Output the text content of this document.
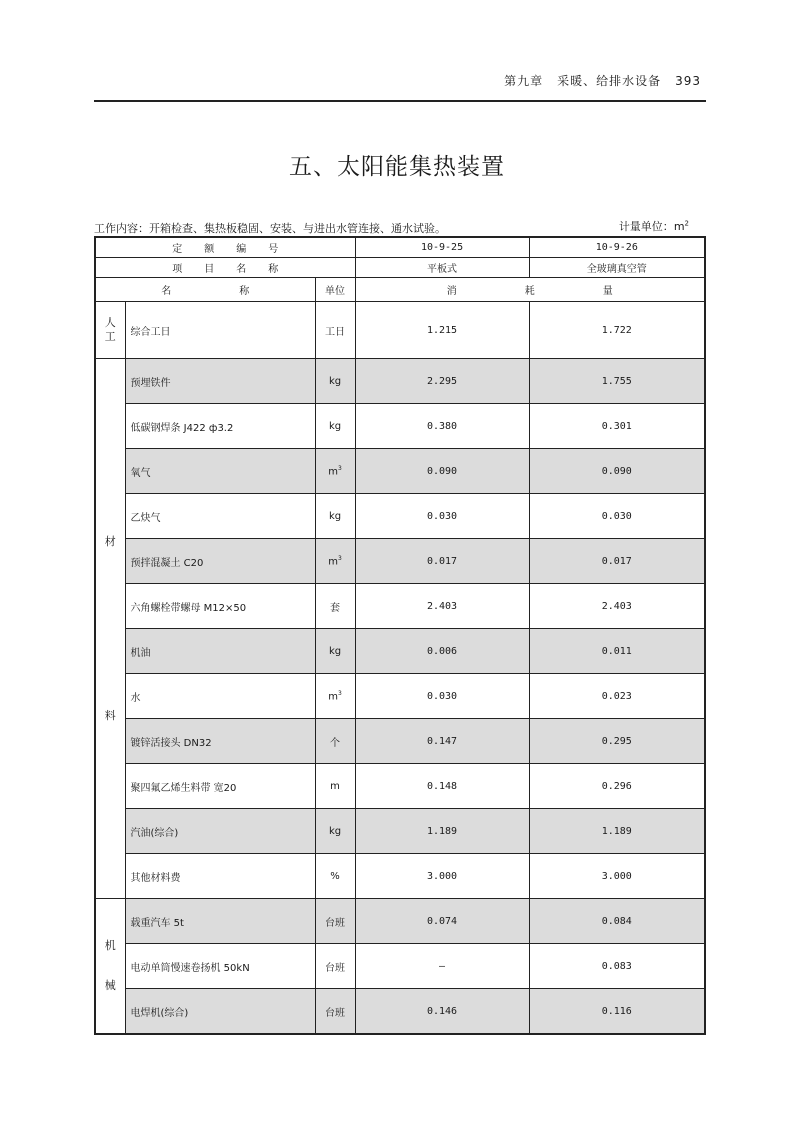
第九章 采暖、给排水设备 393
五、太阳能集热装置
工作内容：开箱检查、集热板稳固、安装、与进出水管连接、通水试验。	计量单位：$m^2$
定 额 编 号			10-9-25	10-9-26
项 目 名 称			平板式	全玻璃真空管
名 称		单位	消 耗 量	

人
工	综合工日	工日	1.215	1.722

材
料	预埋铁件	kg	2.295	1.755
	低碳钢焊条 J422 ф3.2	kg	0.380	0.301
	氧气	$m^3$	0.090	0.090
	乙炔气	kg	0.030	0.030
	预拌混凝土 C20	$m^3$	0.017	0.017
	六角螺栓带螺母 M12×50	套	2.403	2.403
	机油	kg	0.006	0.011
	水	$m^3$	0.030	0.023
	镀锌活接头 DN32	个	0.147	0.295
	聚四氟乙烯生料带 宽20	m	0.148	0.296
	汽油(综合)	kg	1.189	1.189
	其他材料费	%	3.000	3.000

机
械	载重汽车 5t	台班	0.074	0.084
	电动单筒慢速卷扬机 50kN	台班	—	0.083
	电焊机(综合)	台班	0.146	0.116
